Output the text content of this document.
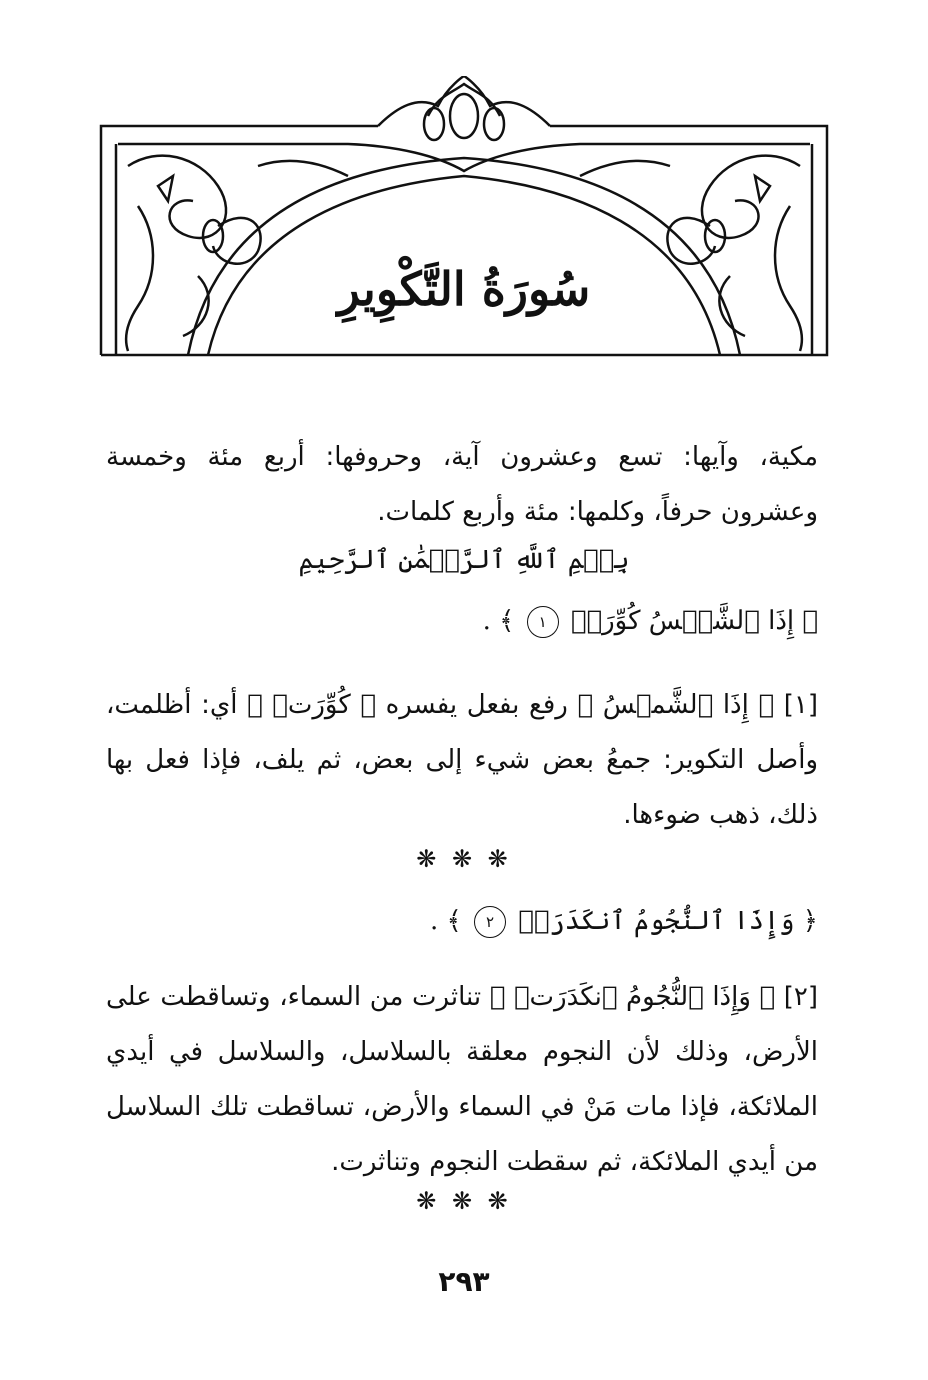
سُورَةُ التَّكْوِيرِ
مكية، وآيها: تسع وعشرون آية، وحروفها: أربع مئة وخمسة وعشرون حرفاً، وكلمها: مئة وأربع كلمات.
بِسۡمِ ٱللَّهِ ٱلرَّحۡمَٰنِ ٱلرَّحِيمِ
﴿ إِذَا ٱلشَّمۡسُ كُوِّرَتۡ ١ ﴾ .
[١] ﴿ إِذَا ٱلشَّمۡسُ ﴾ رفع بفعل يفسره ﴿ كُوِّرَتۡ ﴾ أي: أظلمت، وأصل التكوير: جمعُ بعض شيء إلى بعض، ثم يلف، فإذا فعل بها ذلك، ذهب ضوءها.
❋ ❋ ❋
﴿ وَإِذَا ٱلنُّجُومُ ٱنكَدَرَتۡ ٢ ﴾ .
[٢] ﴿ وَإِذَا ٱلنُّجُومُ ٱنكَدَرَتۡ ﴾ تناثرت من السماء، وتساقطت على الأرض، وذلك لأن النجوم معلقة بالسلاسل، والسلاسل في أيدي الملائكة، فإذا مات مَنْ في السماء والأرض، تساقطت تلك السلاسل من أيدي الملائكة، ثم سقطت النجوم وتناثرت.
❋ ❋ ❋
٢٩٣
